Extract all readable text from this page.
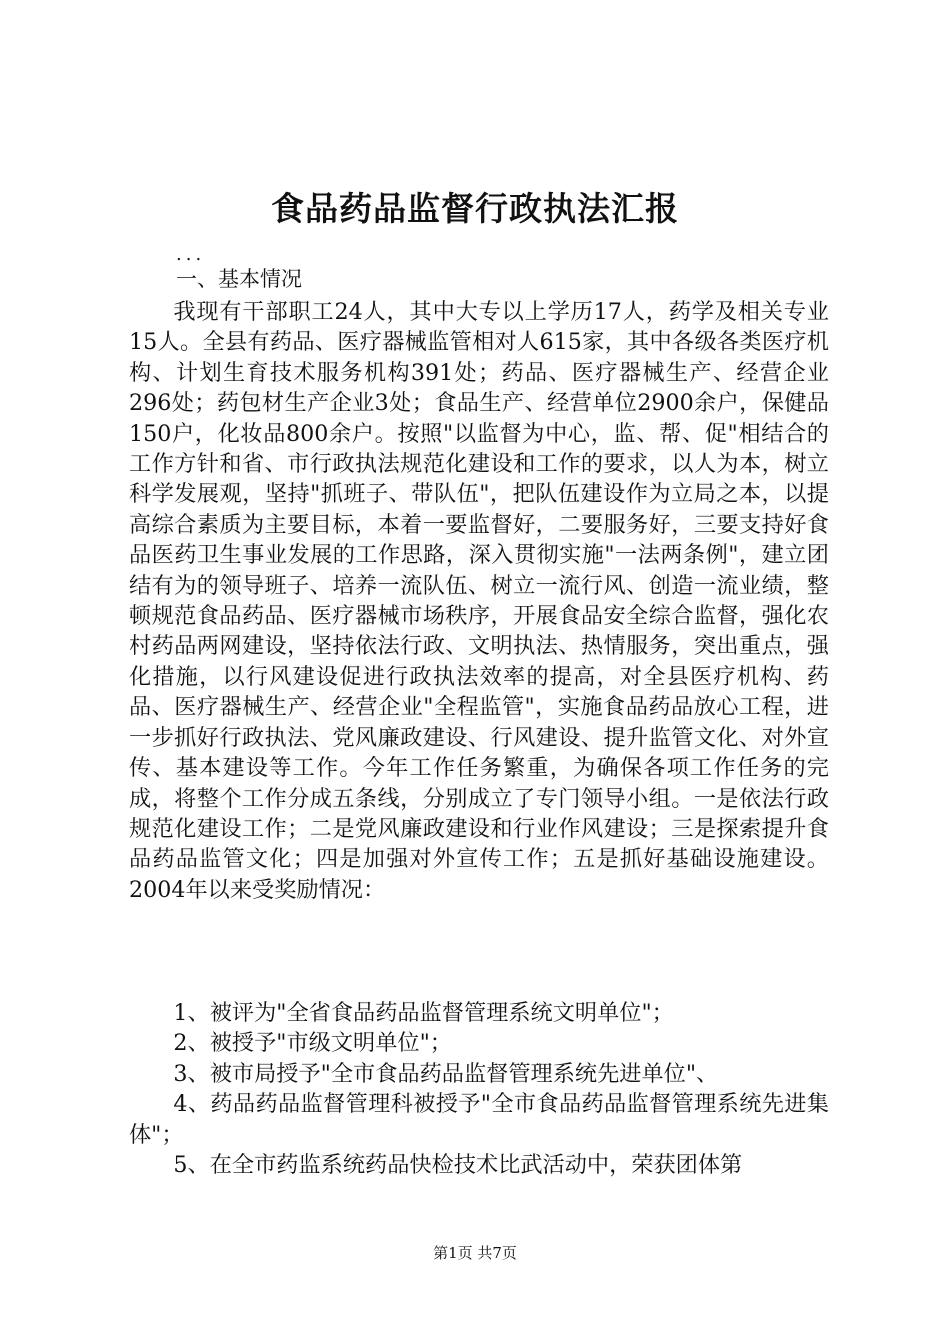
食品药品监督行政执法汇报
...
一、基本情况

我现有干部职工24人，其中大专以上学历17人，药学及相关专业15人。全县有药品、医疗器械监管相对人615家，其中各级各类医疗机构、计划生育技术服务机构391处；药品、医疗器械生产、经营企业296处；药包材生产企业3处；食品生产、经营单位2900余户，保健品150户，化妆品800余户。按照"以监督为中心，监、帮、促"相结合的工作方针和省、市行政执法规范化建设和工作的要求，以人为本，树立科学发展观，坚持"抓班子、带队伍"，把队伍建设作为立局之本，以提高综合素质为主要目标，本着一要监督好，二要服务好，三要支持好食品医药卫生事业发展的工作思路，深入贯彻实施"一法两条例"，建立团结有为的领导班子、培养一流队伍、树立一流行风、创造一流业绩，整顿规范食品药品、医疗器械市场秩序，开展食品安全综合监督，强化农村药品两网建设，坚持依法行政、文明执法、热情服务，突出重点，强化措施，以行风建设促进行政执法效率的提高，对全县医疗机构、药品、医疗器械生产、经营企业"全程监管"，实施食品药品放心工程，进一步抓好行政执法、党风廉政建设、行风建设、提升监管文化、对外宣传、基本建设等工作。今年工作任务繁重，为确保各项工作任务的完成，将整个工作分成五条线，分别成立了专门领导小组。一是依法行政规范化建设工作；二是党风廉政建设和行业作风建设；三是探索提升食品药品监管文化；四是加强对外宣传工作；五是抓好基础设施建设。2004年以来受奖励情况：

1、被评为"全省食品药品监督管理系统文明单位"；
2、被授予"市级文明单位"；
3、被市局授予"全市食品药品监督管理系统先进单位"、
4、药品药品监督管理科被授予"全市食品药品监督管理系统先进集体"；
5、在全市药监系统药品快检技术比武活动中，荣获团体第
第1页 共7页
